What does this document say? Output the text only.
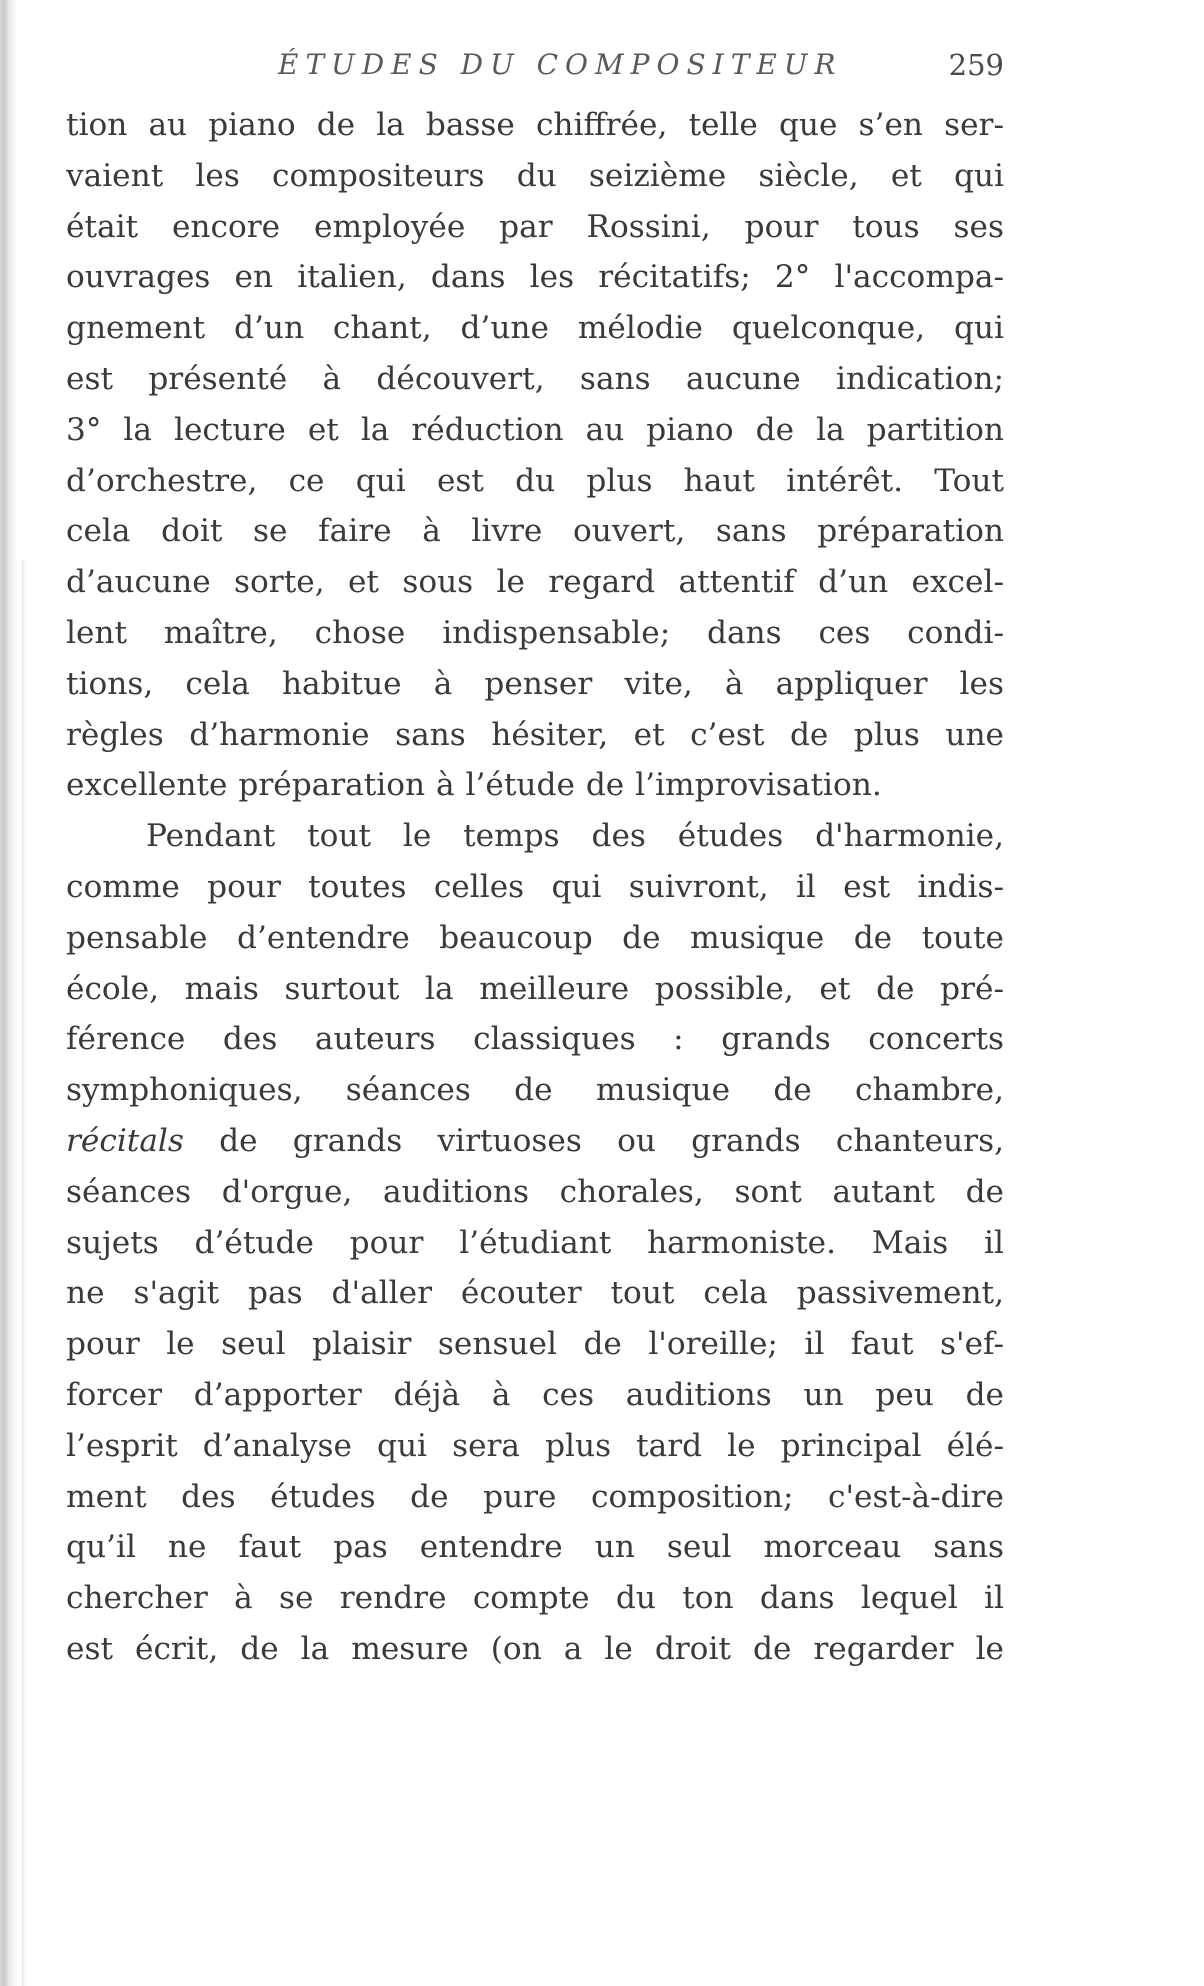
ÉTUDES DU COMPOSITEUR	259
tion au piano de la basse chiffrée, telle que s’en ser-
vaient les compositeurs du seizième siècle, et qui
était encore employée par Rossini, pour tous ses
ouvrages en italien, dans les récitatifs; 2° l'accompa-
gnement d’un chant, d’une mélodie quelconque, qui
est présenté à découvert, sans aucune indication;
3° la lecture et la réduction au piano de la partition
d’orchestre, ce qui est du plus haut intérêt. Tout
cela doit se faire à livre ouvert, sans préparation
d’aucune sorte, et sous le regard attentif d’un excel-
lent maître, chose indispensable; dans ces condi-
tions, cela habitue à penser vite, à appliquer les
règles d’harmonie sans hésiter, et c’est de plus une
excellente préparation à l’étude de l’improvisation.
Pendant tout le temps des études d'harmonie,
comme pour toutes celles qui suivront, il est indis-
pensable d’entendre beaucoup de musique de toute
école, mais surtout la meilleure possible, et de pré-
férence des auteurs classiques : grands concerts
symphoniques, séances de musique de chambre,
récitals de grands virtuoses ou grands chanteurs,
séances d'orgue, auditions chorales, sont autant de
sujets d’étude pour l’étudiant harmoniste. Mais il
ne s'agit pas d'aller écouter tout cela passivement,
pour le seul plaisir sensuel de l'oreille; il faut s'ef-
forcer d’apporter déjà à ces auditions un peu de
l’esprit d’analyse qui sera plus tard le principal élé-
ment des études de pure composition; c'est-à-dire
qu’il ne faut pas entendre un seul morceau sans
chercher à se rendre compte du ton dans lequel il
est écrit, de la mesure (on a le droit de regarder le
